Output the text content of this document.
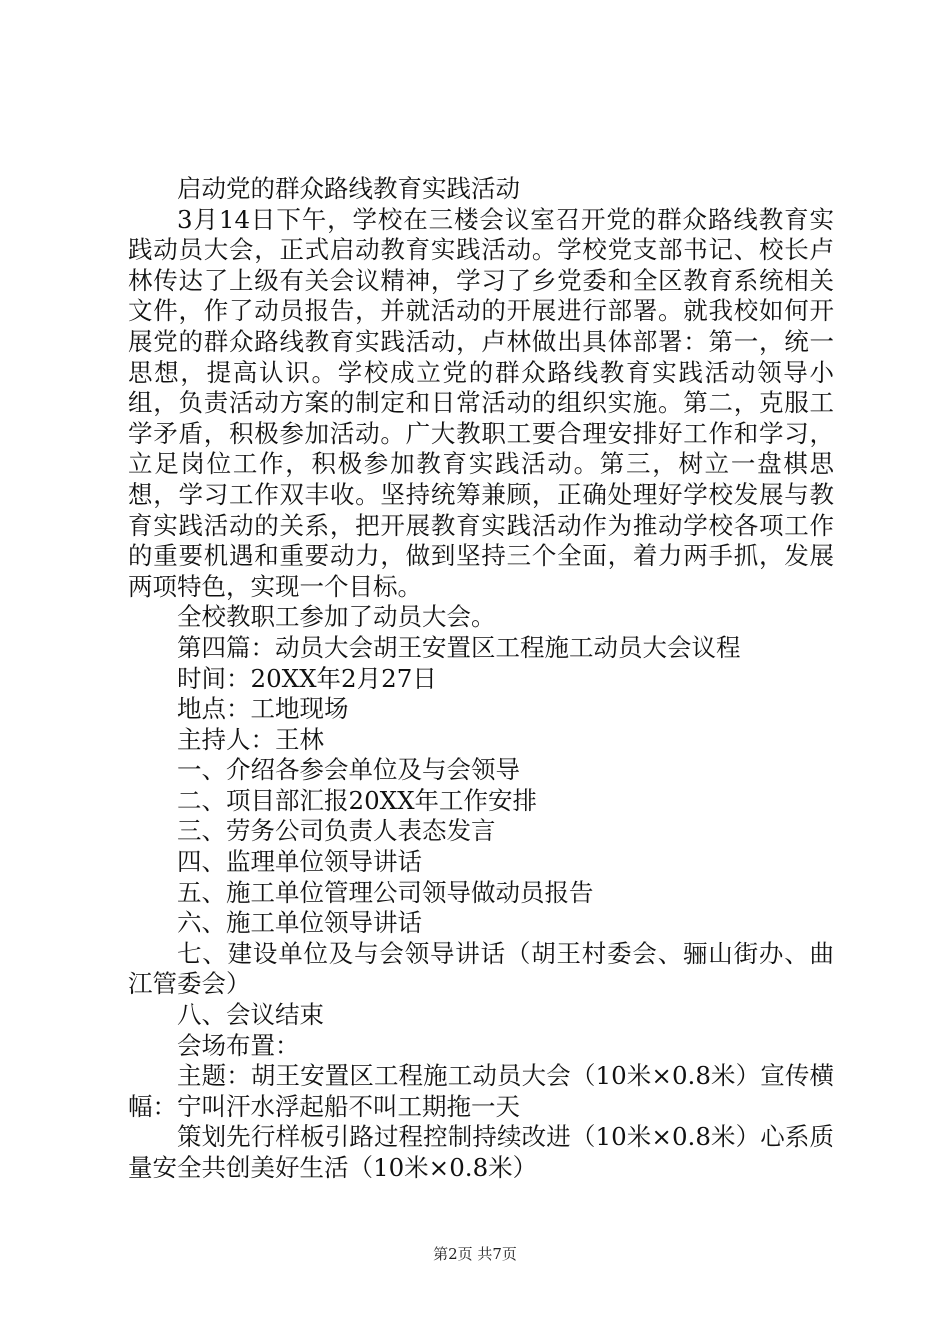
启动党的群众路线教育实践活动

3月14日下午，学校在三楼会议室召开党的群众路线教育实践动员大会，正式启动教育实践活动。学校党支部书记、校长卢林传达了上级有关会议精神，学习了乡党委和全区教育系统相关文件，作了动员报告，并就活动的开展进行部署。就我校如何开展党的群众路线教育实践活动，卢林做出具体部署：第一，统一思想，提高认识。学校成立党的群众路线教育实践活动领导小组，负责活动方案的制定和日常活动的组织实施。第二，克服工学矛盾，积极参加活动。广大教职工要合理安排好工作和学习，立足岗位工作，积极参加教育实践活动。第三，树立一盘棋思想，学习工作双丰收。坚持统筹兼顾，正确处理好学校发展与教育实践活动的关系，把开展教育实践活动作为推动学校各项工作的重要机遇和重要动力，做到坚持三个全面，着力两手抓，发展两项特色，实现一个目标。

全校教职工参加了动员大会。

第四篇：动员大会胡王安置区工程施工动员大会议程

时间：20XX年2月27日

地点：工地现场

主持人：王林

一、介绍各参会单位及与会领导

二、项目部汇报20XX年工作安排

三、劳务公司负责人表态发言

四、监理单位领导讲话

五、施工单位管理公司领导做动员报告

六、施工单位领导讲话

七、建设单位及与会领导讲话（胡王村委会、骊山街办、曲江管委会）

八、会议结束

会场布置：

主题：胡王安置区工程施工动员大会（10米×0.8米）宣传横幅：宁叫汗水浮起船不叫工期拖一天

策划先行样板引路过程控制持续改进（10米×0.8米）心系质量安全共创美好生活（10米×0.8米）

第2页 共7页
